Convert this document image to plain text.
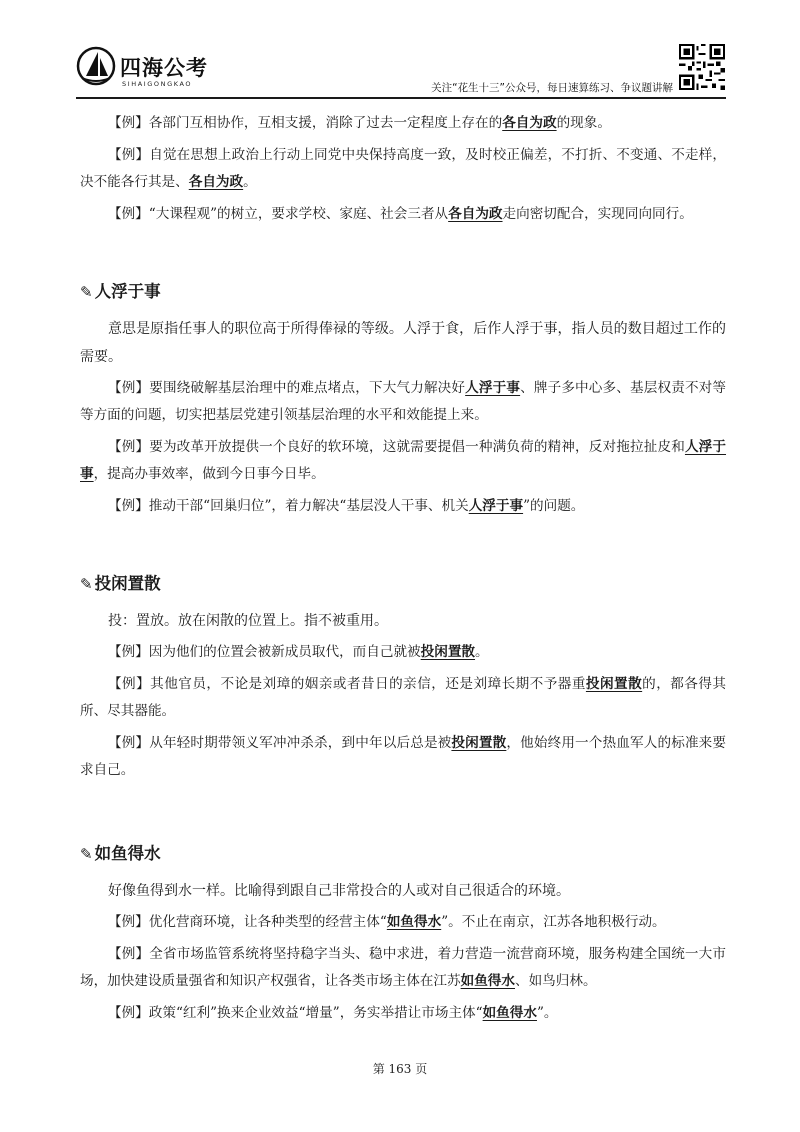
四海公考
SIHAIGONGKAO	关注“花生十三”公众号，每日速算练习、争议题讲解

【例】各部门互相协作，互相支援，消除了过去一定程度上存在的各自为政的现象。

【例】自觉在思想上政治上行动上同党中央保持高度一致，及时校正偏差，不打折、不变通、不走样，决不能各行其是、各自为政。

【例】“大课程观”的树立，要求学校、家庭、社会三者从各自为政走向密切配合，实现同向同行。

✎ 人浮于事

意思是原指任事人的职位高于所得俸禄的等级。人浮于食，后作人浮于事，指人员的数目超过工作的需要。

【例】要围绕破解基层治理中的难点堵点，下大气力解决好人浮于事、牌子多中心多、基层权责不对等等方面的问题，切实把基层党建引领基层治理的水平和效能提上来。

【例】要为改革开放提供一个良好的软环境，这就需要提倡一种满负荷的精神，反对拖拉扯皮和人浮于事，提高办事效率，做到今日事今日毕。

【例】推动干部“回巢归位”，着力解决“基层没人干事、机关人浮于事”的问题。

✎ 投闲置散

投：置放。放在闲散的位置上。指不被重用。

【例】因为他们的位置会被新成员取代，而自己就被投闲置散。

【例】其他官员，不论是刘璋的姻亲或者昔日的亲信，还是刘璋长期不予器重投闲置散的，都各得其所、尽其器能。

【例】从年轻时期带领义军冲冲杀杀，到中年以后总是被投闲置散，他始终用一个热血军人的标准来要求自己。

✎ 如鱼得水

好像鱼得到水一样。比喻得到跟自己非常投合的人或对自己很适合的环境。

【例】优化营商环境，让各种类型的经营主体“如鱼得水”。不止在南京，江苏各地积极行动。

【例】全省市场监管系统将坚持稳字当头、稳中求进，着力营造一流营商环境，服务构建全国统一大市场，加快建设质量强省和知识产权强省，让各类市场主体在江苏如鱼得水、如鸟归林。

【例】政策“红利”换来企业效益“增量”，务实举措让市场主体“如鱼得水”。

第 163 页
